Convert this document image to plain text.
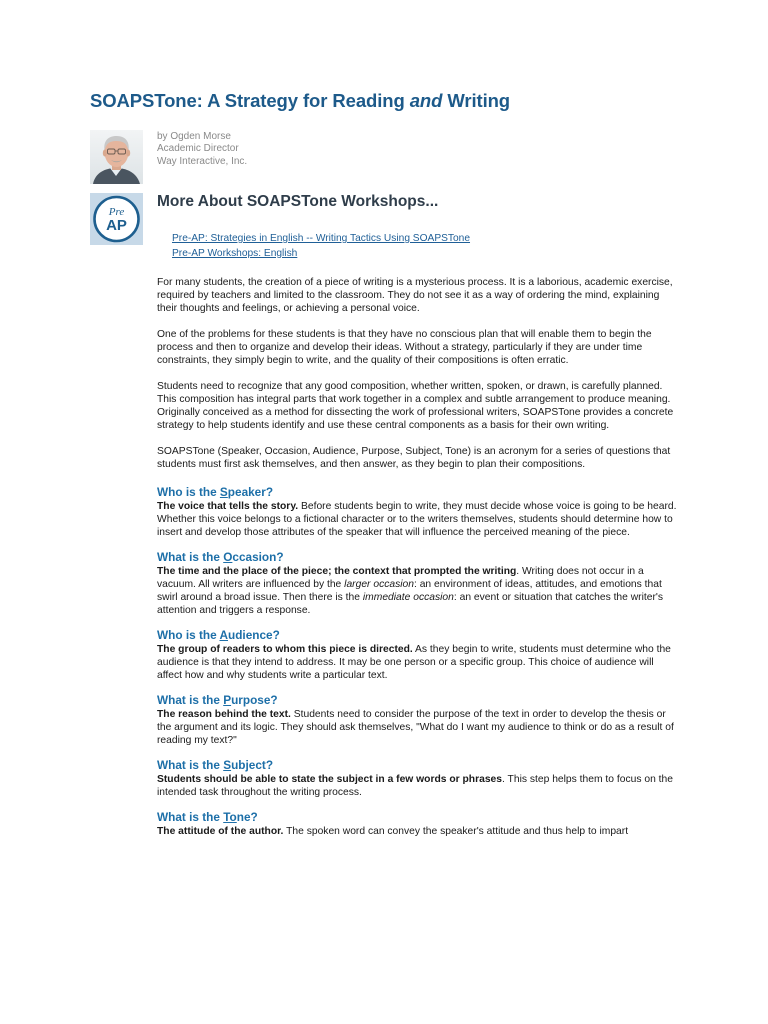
SOAPSTone: A Strategy for Reading and Writing
by Ogden Morse
Academic Director
Way Interactive, Inc.
Pre
AP
More About SOAPSTone Workshops...
Pre-AP: Strategies in English -- Writing Tactics Using SOAPSTone
Pre-AP Workshops: English

For many students, the creation of a piece of writing is a mysterious process. It is a laborious, academic exercise, required by teachers and limited to the classroom. They do not see it as a way of ordering the mind, explaining their thoughts and feelings, or achieving a personal voice.

One of the problems for these students is that they have no conscious plan that will enable them to begin the process and then to organize and develop their ideas. Without a strategy, particularly if they are under time constraints, they simply begin to write, and the quality of their compositions is often erratic.

Students need to recognize that any good composition, whether written, spoken, or drawn, is carefully planned. This composition has integral parts that work together in a complex and subtle arrangement to produce meaning. Originally conceived as a method for dissecting the work of professional writers, SOAPSTone provides a concrete strategy to help students identify and use these central components as a basis for their own writing.

SOAPSTone (Speaker, Occasion, Audience, Purpose, Subject, Tone) is an acronym for a series of questions that students must first ask themselves, and then answer, as they begin to plan their compositions.

Who is the Speaker?

The voice that tells the story. Before students begin to write, they must decide whose voice is going to be heard. Whether this voice belongs to a fictional character or to the writers themselves, students should determine how to insert and develop those attributes of the speaker that will influence the perceived meaning of the piece.

What is the Occasion?

The time and the place of the piece; the context that prompted the writing. Writing does not occur in a vacuum. All writers are influenced by the larger occasion: an environment of ideas, attitudes, and emotions that swirl around a broad issue. Then there is the immediate occasion: an event or situation that catches the writer's attention and triggers a response.

Who is the Audience?

The group of readers to whom this piece is directed. As they begin to write, students must determine who the audience is that they intend to address. It may be one person or a specific group. This choice of audience will affect how and why students write a particular text.

What is the Purpose?

The reason behind the text. Students need to consider the purpose of the text in order to develop the thesis or the argument and its logic. They should ask themselves, "What do I want my audience to think or do as a result of reading my text?"

What is the Subject?

Students should be able to state the subject in a few words or phrases. This step helps them to focus on the intended task throughout the writing process.

What is the Tone?

The attitude of the author. The spoken word can convey the speaker's attitude and thus help to impart
